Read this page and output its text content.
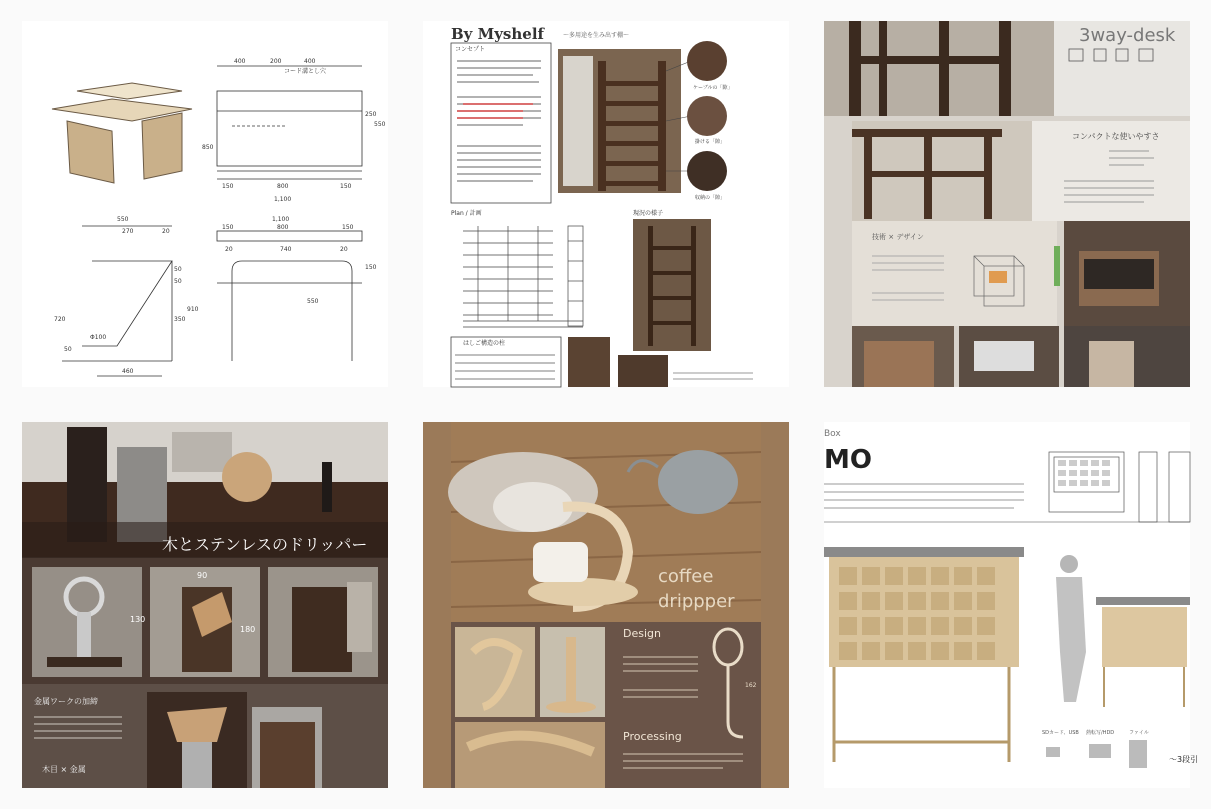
400	200	400
コード溝とし穴
850
250
550
150	800	150
1,100
550
270	20
50
50
720	350
910
Φ100
50
460
1,100
150	800	150
20	740	20
550
150
By Myshelf	～多用途を生み出す棚～
コンセプト
ケーブルの「隙」
掛ける「隙」
収納の「隙」
Plan / 計画	現況の様子
はしご構造の柱
3way-desk
コンパクトな使いやすさ
技術 × デザイン
木とステンレスのドリッパー
130
90
180
金属ワークの加締
木目 × 金属
coffee
drippper
Design
162
Processing
Box
MO
SDカード、USB 熱転写/HDD	ファイル
～3段引
